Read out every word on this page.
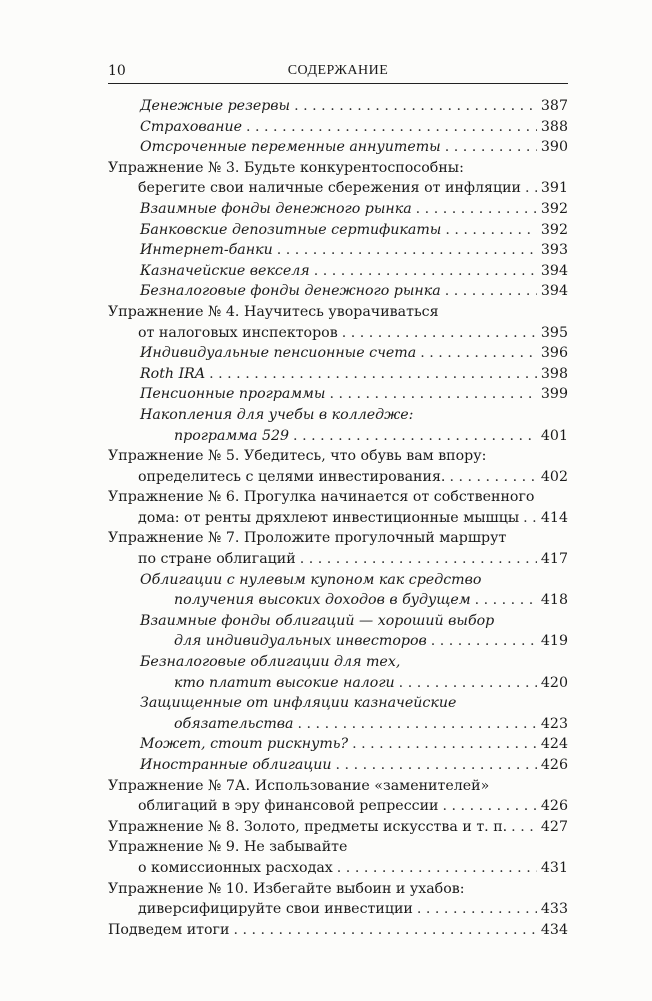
10	СОДЕРЖАНИЕ
Денежные резервы . . .	387
Страхование . . .	388
Отсроченные переменные аннуитеты . . .	390
Упражнение № 3. Будьте конкурентоспособны:
берегите свои наличные сбережения от инфляции . . . 391
Взаимные фонды денежного рынка . . .	392
Банковские депозитные сертификаты . . .	392
Интернет-банки . . .	393
Казначейские векселя . . .	394
Безналоговые фонды денежного рынка . . .	394
Упражнение № 4. Научитесь уворачиваться
от налоговых инспекторов . . .	395
Индивидуальные пенсионные счета . . .	396
Roth IRA . . .	398
Пенсионные программы . . .	399
Накопления для учебы в колледже:
программа 529 . . .	401
Упражнение № 5. Убедитесь, что обувь вам впору:
определитесь с целями инвестирования. . . .	402
Упражнение № 6. Прогулка начинается от собственного
дома: от ренты дряхлеют инвестиционные мышцы . . . 414
Упражнение № 7. Проложите прогулочный маршрут
по стране облигаций . . .	417
Облигации с нулевым купоном как средство
получения высоких доходов в будущем . . .	418
Взаимные фонды облигаций — хороший выбор
для индивидуальных инвесторов . . .	419
Безналоговые облигации для тех,
кто платит высокие налоги . . .	420
Защищенные от инфляции казначейские
обязательства . . .	423
Может, стоит рискнуть? . . .	424
Иностранные облигации . . .	426
Упражнение № 7А. Использование «заменителей»
облигаций в эру финансовой репрессии . . .	426
Упражнение № 8. Золото, предметы искусства и т. п. . . . 427
Упражнение № 9. Не забывайте
о комиссионных расходах . . .	431
Упражнение № 10. Избегайте выбоин и ухабов:
диверсифицируйте свои инвестиции . . .	433
Подведем итоги . . .	434
